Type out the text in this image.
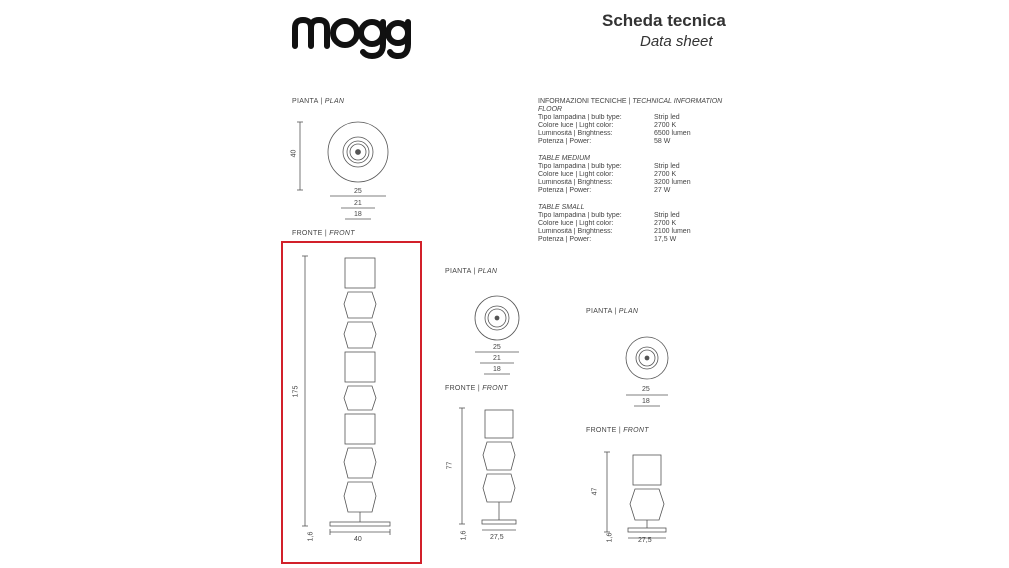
Scheda tecnica
Data sheet
PIANTA | PLAN
FRONTE | FRONT
PIANTA | PLAN
FRONTE | FRONT
PIANTA | PLAN
FRONTE | FRONT
INFORMAZIONI TECNICHE | TECHNICAL INFORMATION
FLOOR
Tipo lampadina | bulb type:	Strip led
Colore luce | Light color:	2700 K
Luminosità | Brightness:	6500 lumen
Potenza | Power:	58 W
TABLE MEDIUM
Tipo lampadina | bulb type:	Strip led
Colore luce | Light color:	2700 K
Luminosità | Brightness:	3200 lumen
Potenza | Power:	27 W
TABLE SMALL
Tipo lampadina | bulb type:	Strip led
Colore luce | Light color:	2700 K
Luminosità | Brightness:	2100 lumen
Potenza | Power:	17,5 W
40
25
21
18
175
1,6	40
25
21
18
77
1,6	27,5
25
18
47
1,6	27,5
